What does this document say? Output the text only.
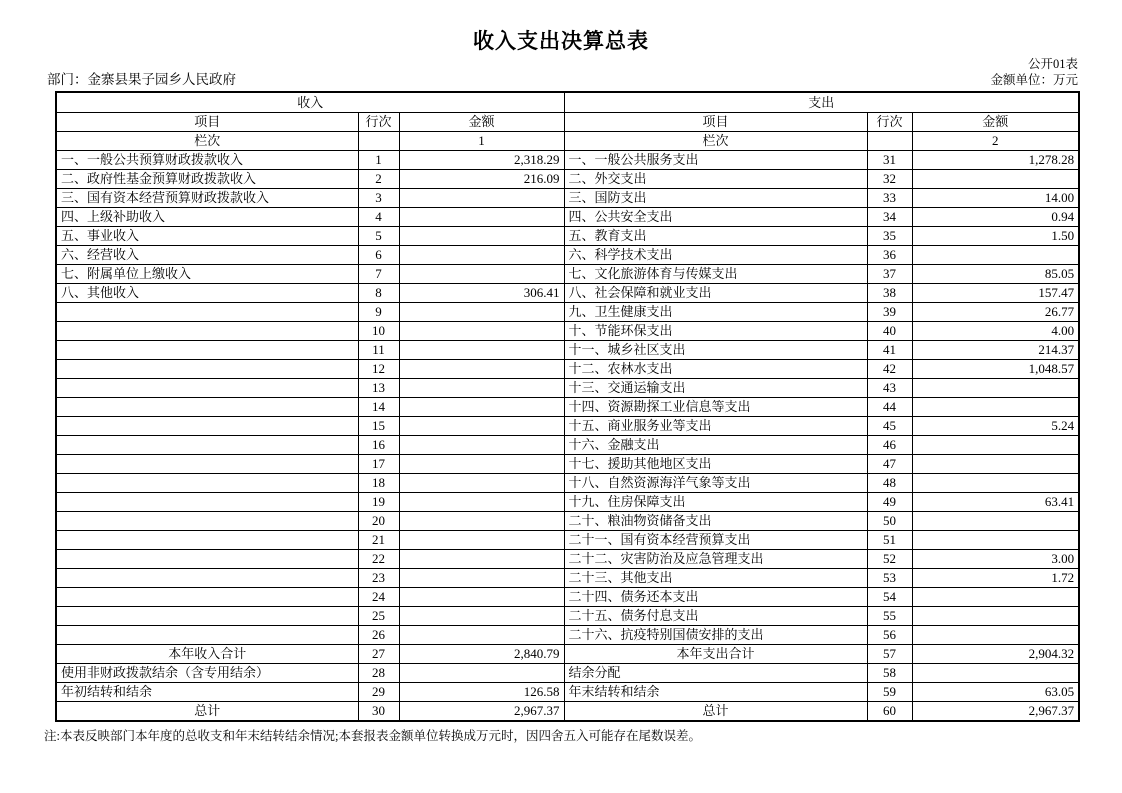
收入支出决算总表
部门：金寨县果子园乡人民政府
公开01表
金额单位：万元
收入			支出		
项目	行次	金额	项目	行次	金额
栏次		1	栏次		2
一、一般公共预算财政拨款收入	1	2,318.29	一、一般公共服务支出	31	1,278.28
二、政府性基金预算财政拨款收入	2	216.09	二、外交支出	32	
三、国有资本经营预算财政拨款收入	3		三、国防支出	33	14.00
四、上级补助收入	4		四、公共安全支出	34	0.94
五、事业收入	5		五、教育支出	35	1.50
六、经营收入	6		六、科学技术支出	36	
七、附属单位上缴收入	7		七、文化旅游体育与传媒支出	37	85.05
八、其他收入	8	306.41	八、社会保障和就业支出	38	157.47
	9		九、卫生健康支出	39	26.77
	10		十、节能环保支出	40	4.00
	11		十一、城乡社区支出	41	214.37
	12		十二、农林水支出	42	1,048.57
	13		十三、交通运输支出	43	
	14		十四、资源勘探工业信息等支出	44	
	15		十五、商业服务业等支出	45	5.24
	16		十六、金融支出	46	
	17		十七、援助其他地区支出	47	
	18		十八、自然资源海洋气象等支出	48	
	19		十九、住房保障支出	49	63.41
	20		二十、粮油物资储备支出	50	
	21		二十一、国有资本经营预算支出	51	
	22		二十二、灾害防治及应急管理支出	52	3.00
	23		二十三、其他支出	53	1.72
	24		二十四、债务还本支出	54	
	25		二十五、债务付息支出	55	
	26		二十六、抗疫特别国债安排的支出	56	
本年收入合计	27	2,840.79	本年支出合计	57	2,904.32
使用非财政拨款结余（含专用结余）	28		结余分配	58	
年初结转和结余	29	126.58	年末结转和结余	59	63.05
总计	30	2,967.37	总计	60	2,967.37
注:本表反映部门本年度的总收支和年末结转结余情况;本套报表金额单位转换成万元时，因四舍五入可能存在尾数误差。
